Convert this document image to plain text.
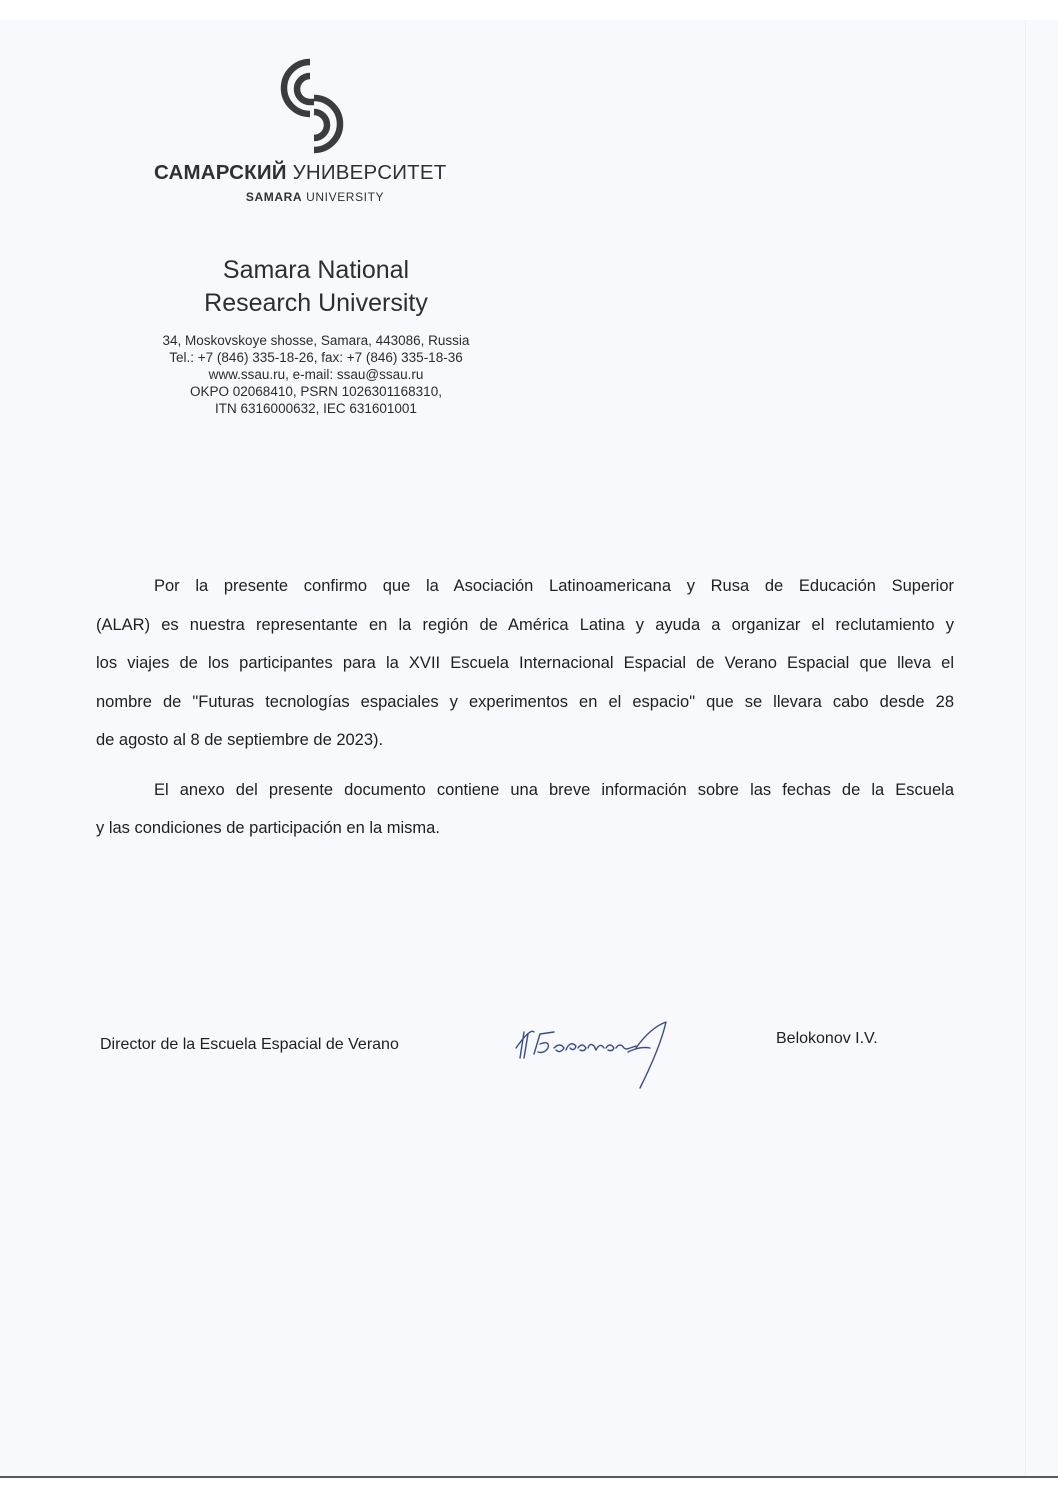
САМАРСКИЙ УНИВЕРСИТЕТ
SAMARA UNIVERSITY
Samara National
Research University
34, Moskovskoye shosse, Samara, 443086, Russia
Tel.: +7 (846) 335-18-26, fax: +7 (846) 335-18-36
www.ssau.ru, e-mail: ssau@ssau.ru
OKPO 02068410, PSRN 1026301168310,
ITN 6316000632, IEC 631601001

Por la presente confirmo que la Asociación Latinoamericana y Rusa de Educación Superior
(ALAR) es nuestra representante en la región de América Latina y ayuda a organizar el reclutamiento y
los viajes de los participantes para la XVII Escuela Internacional Espacial de Verano Espacial que lleva el
nombre de "Futuras tecnologías espaciales y experimentos en el espacio" que se llevara cabo desde 28
de agosto al 8 de septiembre de 2023).

El anexo del presente documento contiene una breve información sobre las fechas de la Escuela
y las condiciones de participación en la misma.

Director de la Escuela Espacial de Verano	Belokonov I.V.
